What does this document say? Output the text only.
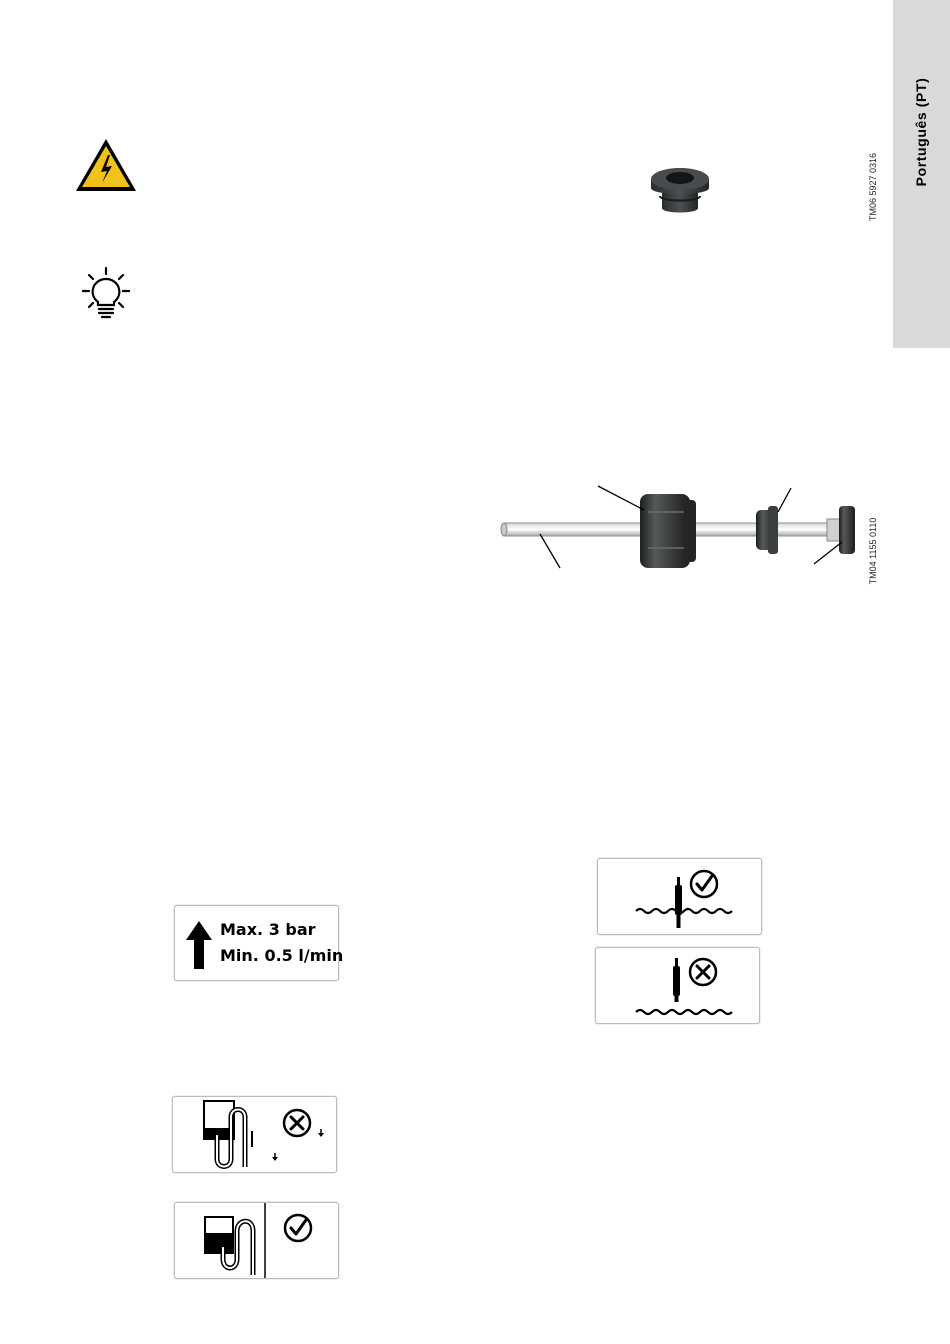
Português (PT)
TM06 5927 0316
TM04 1155 0110
Max. 3 bar
Min. 0.5 l/min
